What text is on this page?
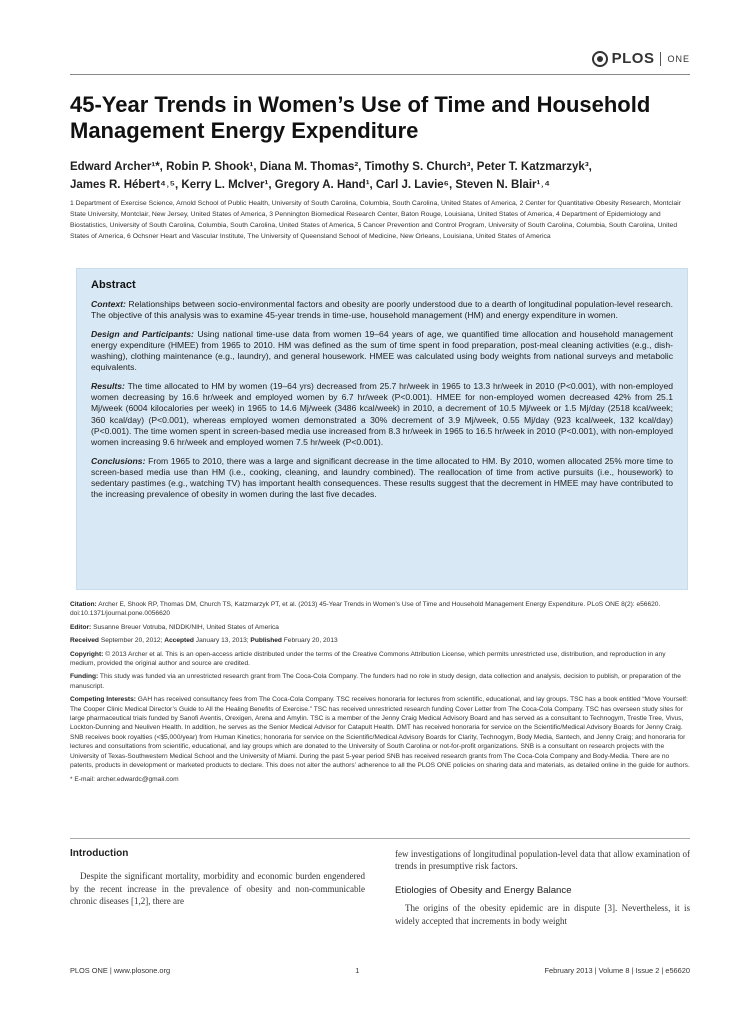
PLOS ONE
45-Year Trends in Women’s Use of Time and Household Management Energy Expenditure
Edward Archer¹*, Robin P. Shook¹, Diana M. Thomas², Timothy S. Church³, Peter T. Katzmarzyk³,
James R. Hébert⁴˒⁵, Kerry L. McIver¹, Gregory A. Hand¹, Carl J. Lavie⁶, Steven N. Blair¹˒⁴
1 Department of Exercise Science, Arnold School of Public Health, University of South Carolina, Columbia, South Carolina, United States of America, 2 Center for Quantitative Obesity Research, Montclair State University, Montclair, New Jersey, United States of America, 3 Pennington Biomedical Research Center, Baton Rouge, Louisiana, United States of America, 4 Department of Epidemiology and Biostatistics, University of South Carolina, Columbia, South Carolina, United States of America, 5 Cancer Prevention and Control Program, University of South Carolina, Columbia, South Carolina, United States of America, 6 Ochsner Heart and Vascular Institute, The University of Queensland School of Medicine, New Orleans, Louisiana, United States of America
Abstract

Context: Relationships between socio-environmental factors and obesity are poorly understood due to a dearth of longitudinal population-level research. The objective of this analysis was to examine 45-year trends in time-use, household management (HM) and energy expenditure in women.

Design and Participants: Using national time-use data from women 19–64 years of age, we quantified time allocation and household management energy expenditure (HMEE) from 1965 to 2010. HM was defined as the sum of time spent in food preparation, post-meal cleaning activities (e.g., dish-washing), clothing maintenance (e.g., laundry), and general housework. HMEE was calculated using body weights from national surveys and metabolic equivalents.

Results: The time allocated to HM by women (19–64 yrs) decreased from 25.7 hr/week in 1965 to 13.3 hr/week in 2010 (P<0.001), with non-employed women decreasing by 16.6 hr/week and employed women by 6.7 hr/week (P<0.001). HMEE for non-employed women decreased 42% from 25.1 Mj/week (6004 kilocalories per week) in 1965 to 14.6 Mj/week (3486 kcal/week) in 2010, a decrement of 10.5 Mj/week or 1.5 Mj/day (2518 kcal/week; 360 kcal/day) (P<0.001), whereas employed women demonstrated a 30% decrement of 3.9 Mj/week, 0.55 Mj/day (923 kcal/week, 132 kcal/day) (P<0.001). The time women spent in screen-based media use increased from 8.3 hr/week in 1965 to 16.5 hr/week in 2010 (P<0.001), with non-employed women increasing 9.6 hr/week and employed women 7.5 hr/week (P<0.001).

Conclusions: From 1965 to 2010, there was a large and significant decrease in the time allocated to HM. By 2010, women allocated 25% more time to screen-based media use than HM (i.e., cooking, cleaning, and laundry combined). The reallocation of time from active pursuits (i.e., housework) to sedentary pastimes (e.g., watching TV) has important health consequences. These results suggest that the decrement in HMEE may have contributed to the increasing prevalence of obesity in women during the last five decades.

Citation: Archer E, Shook RP, Thomas DM, Church TS, Katzmarzyk PT, et al. (2013) 45-Year Trends in Women’s Use of Time and Household Management Energy Expenditure. PLoS ONE 8(2): e56620. doi:10.1371/journal.pone.0056620

Editor: Susanne Breuer Votruba, NIDDK/NIH, United States of America

Received September 20, 2012; Accepted January 13, 2013; Published February 20, 2013

Copyright: © 2013 Archer et al. This is an open-access article distributed under the terms of the Creative Commons Attribution License, which permits unrestricted use, distribution, and reproduction in any medium, provided the original author and source are credited.

Funding: This study was funded via an unrestricted research grant from The Coca-Cola Company. The funders had no role in study design, data collection and analysis, decision to publish, or preparation of the manuscript.

Competing Interests: GAH has received consultancy fees from The Coca-Cola Company. TSC receives honoraria for lectures from scientific, educational, and lay groups. TSC has a book entitled “Move Yourself: The Cooper Clinic Medical Director’s Guide to All the Healing Benefits of Exercise.” TSC has received unrestricted research funding Cover Letter from The Coca-Cola Company. TSC has overseen study sites for large pharmaceutical trials funded by Sanofi Aventis, Orexigen, Arena and Amylin. TSC is a member of the Jenny Craig Medical Advisory Board and has served as a consultant to Technogym, Trestle Tree, Vivus, Lockton-Dunning and Neuliven Health. In addition, he serves as the Senior Medical Advisor for Catapult Health. DMT has received honoraria for service on the Scientific/Medical Advisory Boards for Jenny Craig. SNB receives book royalties (<$5,000/year) from Human Kinetics; honoraria for service on the Scientific/Medical Advisory Boards for Clarity, Technogym, Body Media, Santech, and Jenny Craig; and honoraria for lectures and consultations from scientific, educational, and lay groups which are donated to the University of South Carolina or not-for-profit organizations. SNB is a consultant on research projects with the University of Texas-Southwestern Medical School and the University of Miami. During the past 5-year period SNB has received research grants from The Coca-Cola Company and Body-Media. There are no patents, products in development or marketed products to declare. This does not alter the authors’ adherence to all the PLOS ONE policies on sharing data and materials, as detailed online in the guide for authors.

* E-mail: archer.edwardc@gmail.com

Introduction

Despite the significant mortality, morbidity and economic burden engendered by the recent increase in the prevalence of obesity and non-communicable chronic diseases [1,2], there are

few investigations of longitudinal population-level data that allow examination of trends in presumptive risk factors.

Etiologies of Obesity and Energy Balance

The origins of the obesity epidemic are in dispute [3]. Nevertheless, it is widely accepted that increments in body weight

PLOS ONE | www.plosone.org	1	February 2013 | Volume 8 | Issue 2 | e56620
